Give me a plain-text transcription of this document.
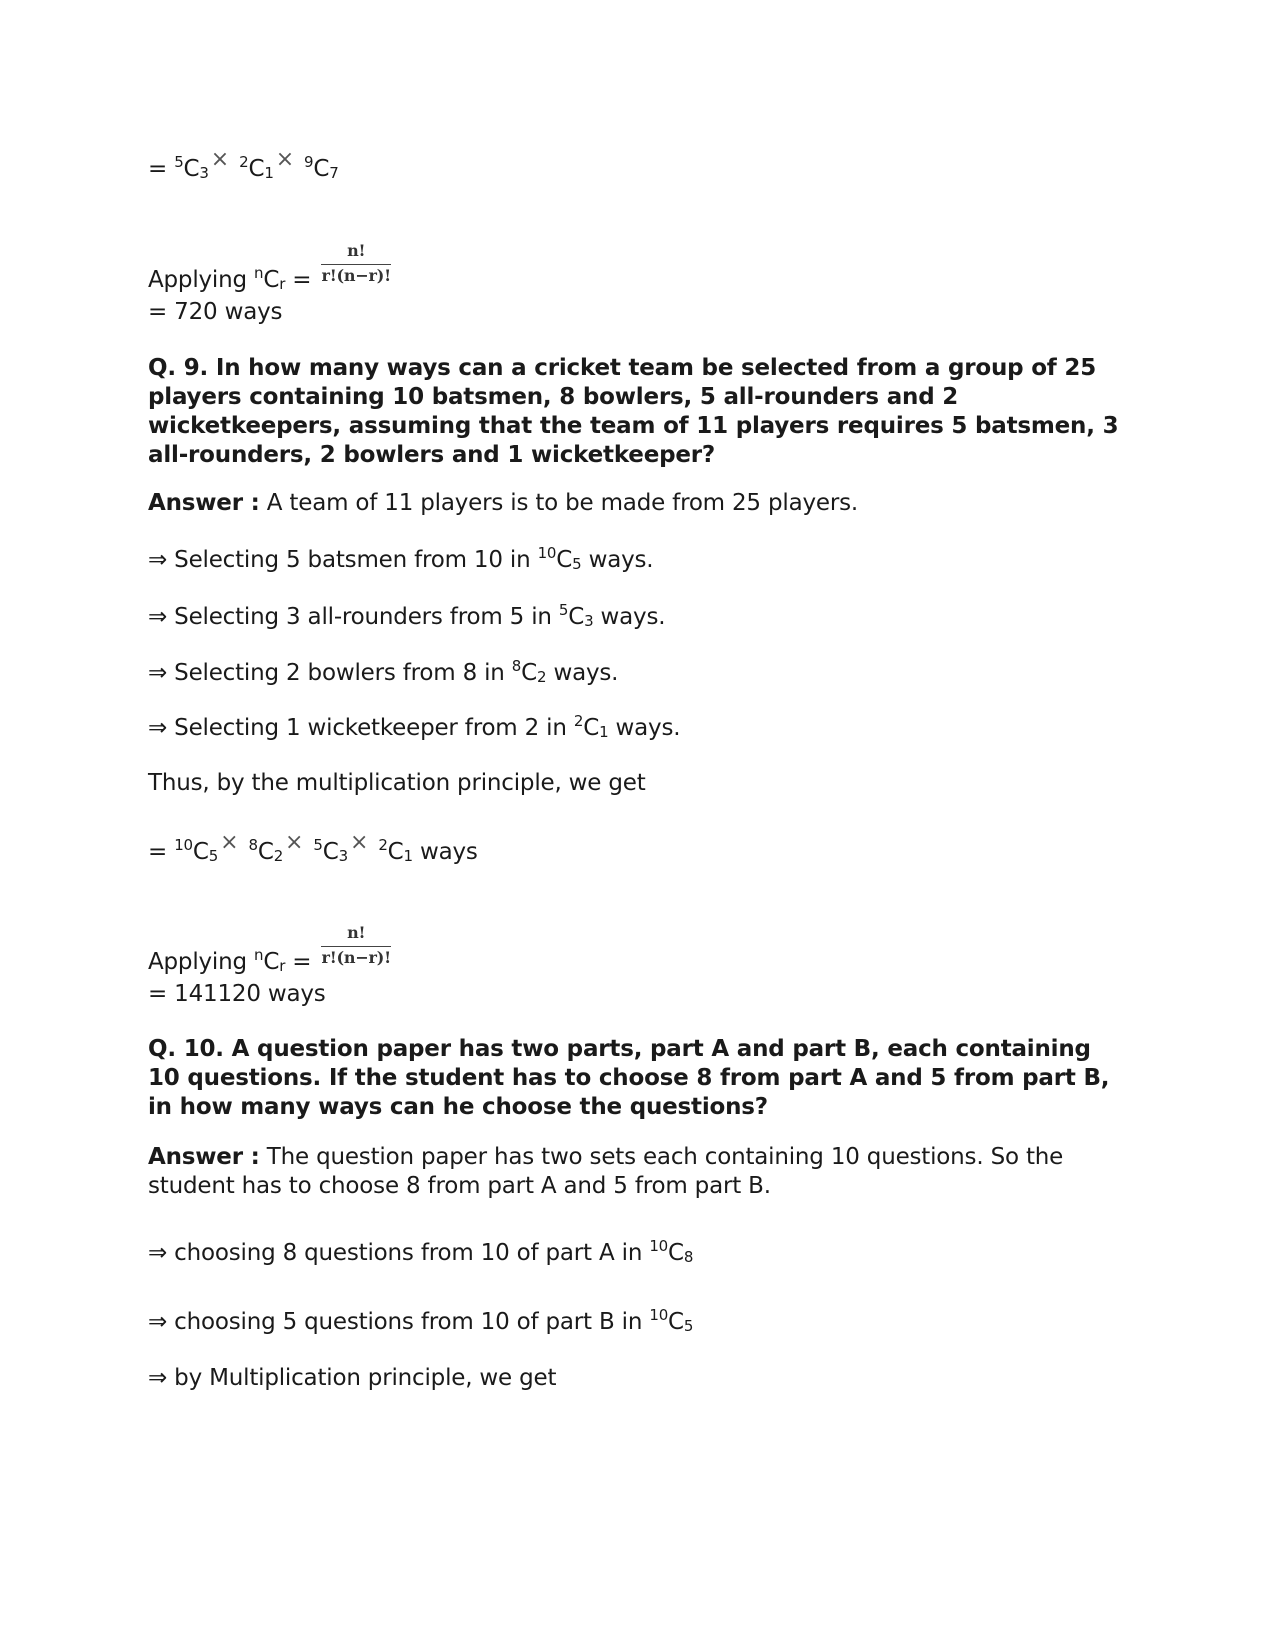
= $^5C_3\times ^2C_1\times ^9C_7$
Applying $^nC_r = \frac{n!}{r!(n-r)!}$
= 720 ways
Q. 9. In how many ways can a cricket team be selected from a group of 25 players containing 10 batsmen, 8 bowlers, 5 all-rounders and 2 wicketkeepers, assuming that the team of 11 players requires 5 batsmen, 3 all-rounders, 2 bowlers and 1 wicketkeeper?
Answer : A team of 11 players is to be made from 25 players.
⇒ Selecting 5 batsmen from 10 in $^{10}C_5$ ways.
⇒ Selecting 3 all-rounders from 5 in $^5C_3$ ways.
⇒ Selecting 2 bowlers from 8 in $^8C_2$ ways.
⇒ Selecting 1 wicketkeeper from 2 in $^2C_1$ ways.
Thus, by the multiplication principle, we get
= $^{10}C_5\times ^8C_2\times ^5C_3\times ^2C_1$ ways
Applying $^nC_r = \frac{n!}{r!(n-r)!}$
= 141120 ways
Q. 10. A question paper has two parts, part A and part B, each containing 10 questions. If the student has to choose 8 from part A and 5 from part B, in how many ways can he choose the questions?
Answer : The question paper has two sets each containing 10 questions. So the student has to choose 8 from part A and 5 from part B.
⇒ choosing 8 questions from 10 of part A in $^{10}C_8$
⇒ choosing 5 questions from 10 of part B in $^{10}C_5$
⇒ by Multiplication principle, we get
